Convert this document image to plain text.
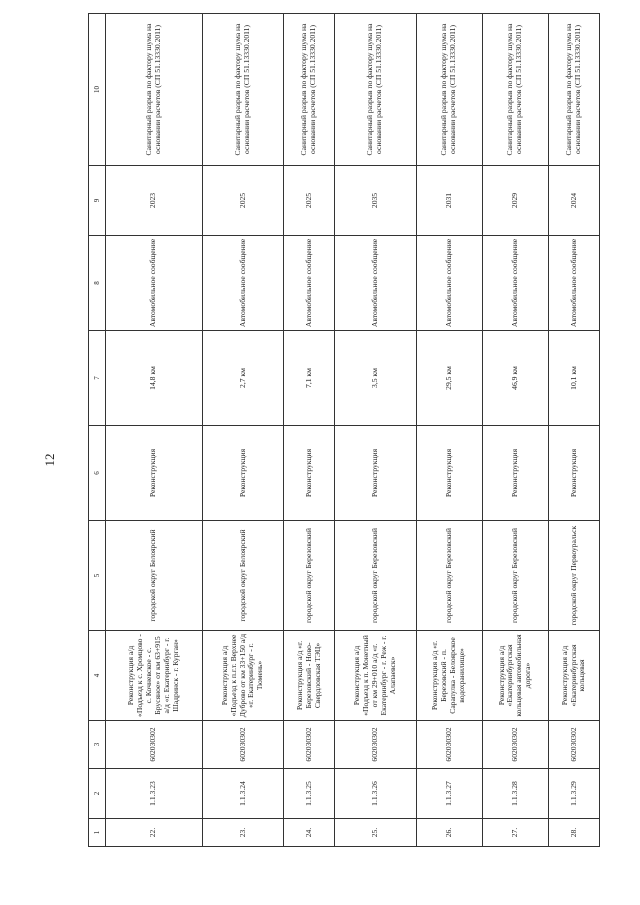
12
1	2	3	4	5	6	7	8	9	10
22.	1.1.3.23	602030302	Реконструкция а/д «Подъезд к с. Хромцово - с. Кочневское - с. Брусяное» от км 63+915 а/д «г. Екатеринбург - г. Шадринск - г. Курган»	городской округ Белоярский	Реконструкция	14,8 км	Автомобильное сообщение	2023	Санитарный разрыв по фактору шума на основании расчетов (СП 51.13330.2011)
23.	1.1.3.24	602030302	Реконструкция а/д «Подъезд к п.г.т. Верхнее Дуброво от км 33+150 а/д «г. Екатеринбург - г. Тюмень»	городской округ Белоярский	Реконструкция	2,7 км	Автомобильное сообщение	2025	Санитарный разрыв по фактору шума на основании расчетов (СП 51.13330.2011)
24.	1.1.3.25	602030302	Реконструкция а/д «г. Березовский - Ново-Свердловская ТЭЦ»	городской округ Березовский	Реконструкция	7,1 км	Автомобильное сообщение	2025	Санитарный разрыв по фактору шума на основании расчетов (СП 51.13330.2011)
25.	1.1.3.26	602030302	Реконструкция а/д «Подъезд к п. Монетный от км 29+010 а/д «г. Екатеринбург - г. Реж - г. Алапаевск»	городской округ Березовский	Реконструкция	3,5 км	Автомобильное сообщение	2035	Санитарный разрыв по фактору шума на основании расчетов (СП 51.13330.2011)
26.	1.1.3.27	602030302	Реконструкция а/д «г. Березовский - п. Сарапулка - Белоярское водохранилище»	городской округ Березовский	Реконструкция	29,5 км	Автомобильное сообщение	2031	Санитарный разрыв по фактору шума на основании расчетов (СП 51.13330.2011)
27.	1.1.3.28	602030302	Реконструкция а/д «Екатеринбургская кольцевая автомобильная дорога»	городской округ Березовский	Реконструкция	46,9 км	Автомобильное сообщение	2029	Санитарный разрыв по фактору шума на основании расчетов (СП 51.13330.2011)
28.	1.1.3.29	602030302	Реконструкция а/д «Екатеринбургская кольцевая	городской округ Первоуральск	Реконструкция	10,1 км	Автомобильное сообщение	2024	Санитарный разрыв по фактору шума на основании расчетов (СП 51.13330.2011)
